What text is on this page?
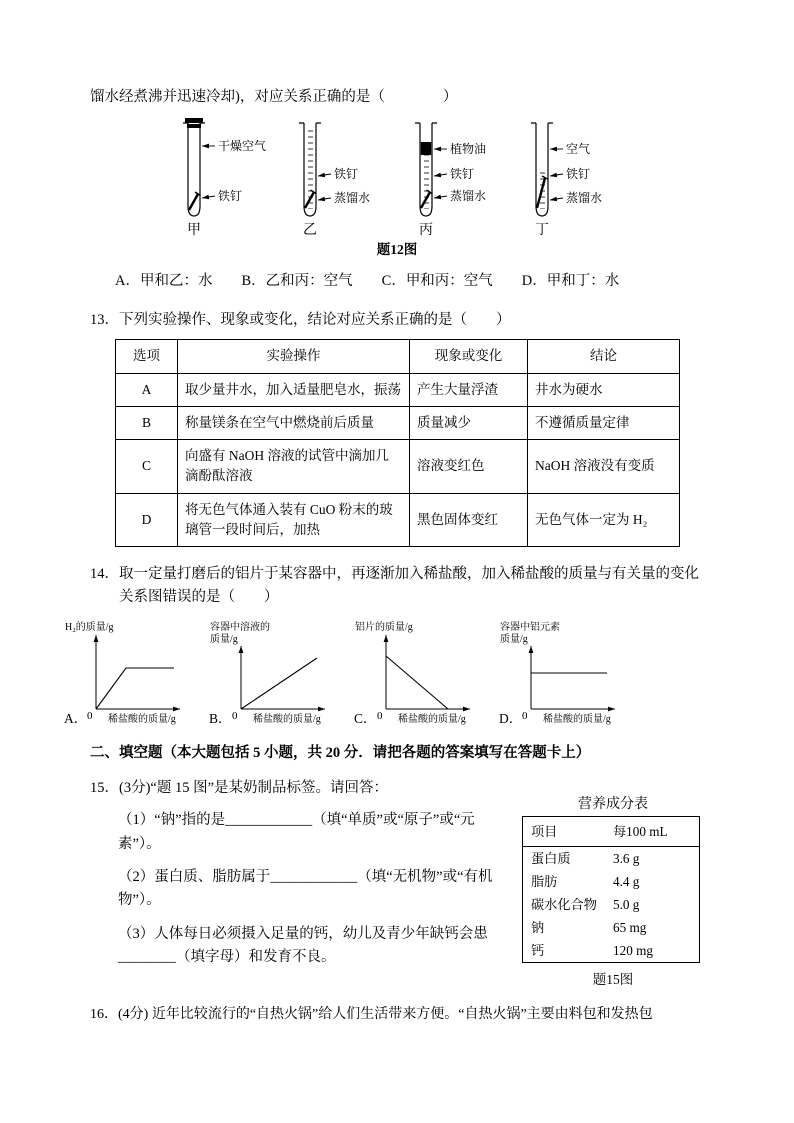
馏水经煮沸并迅速冷却)，对应关系正确的是（　　　　）
干燥空气
铁钉
甲
铁钉
蒸馏水
乙
植物油
铁钉
蒸馏水
丙
空气
铁钉
蒸馏水
丁
题12图
A．甲和乙：水　　B．乙和丙：空气　　C．甲和丙：空气　　D．甲和丁：水
13．下列实验操作、现象或变化，结论对应关系正确的是（　　）
选项	实验操作	现象或变化	结论
A	取少量井水，加入适量肥皂水，振荡	产生大量浮渣	井水为硬水
B	称量镁条在空气中燃烧前后质量	质量减少	不遵循质量定律
C	向盛有 NaOH 溶液的试管中滴加几滴酚酞溶液	溶液变红色	NaOH 溶液没有变质
D	将无色气体通入装有 CuO 粉末的玻璃管一段时间后，加热	黑色固体变红	无色气体一定为 H₂
14．取一定量打磨后的铝片于某容器中，再逐渐加入稀盐酸，加入稀盐酸的质量与有关量的变化关系图错误的是（　　）
A．
H₂的质量/g
0 稀盐酸的质量/g B．
容器中溶液的
质量/g
0 稀盐酸的质量/g C．
铝片的质量/g
0 稀盐酸的质量/g D．
容器中铝元素
质量/g
0 稀盐酸的质量/g
二、填空题（本大题包括 5 小题，共 20 分．请把各题的答案填写在答题卡上）
15．(3分)“题 15 图”是某奶制品标签。请回答：
（1）“钠”指的是____________（填“单质”或“原子”或“元素”）。
（2）蛋白质、脂肪属于____________（填“无机物”或“有机物”）。
（3）人体每日必须摄入足量的钙，幼儿及青少年缺钙会患________（填字母）和发育不良。
营养成分表
项目	每100 mL
蛋白质	3.6 g
脂肪	4.4 g
碳水化合物	5.0 g
钠	65 mg
钙	120 mg
题15图
16．(4分) 近年比较流行的“自热火锅”给人们生活带来方便。“自热火锅”主要由料包和发热包
